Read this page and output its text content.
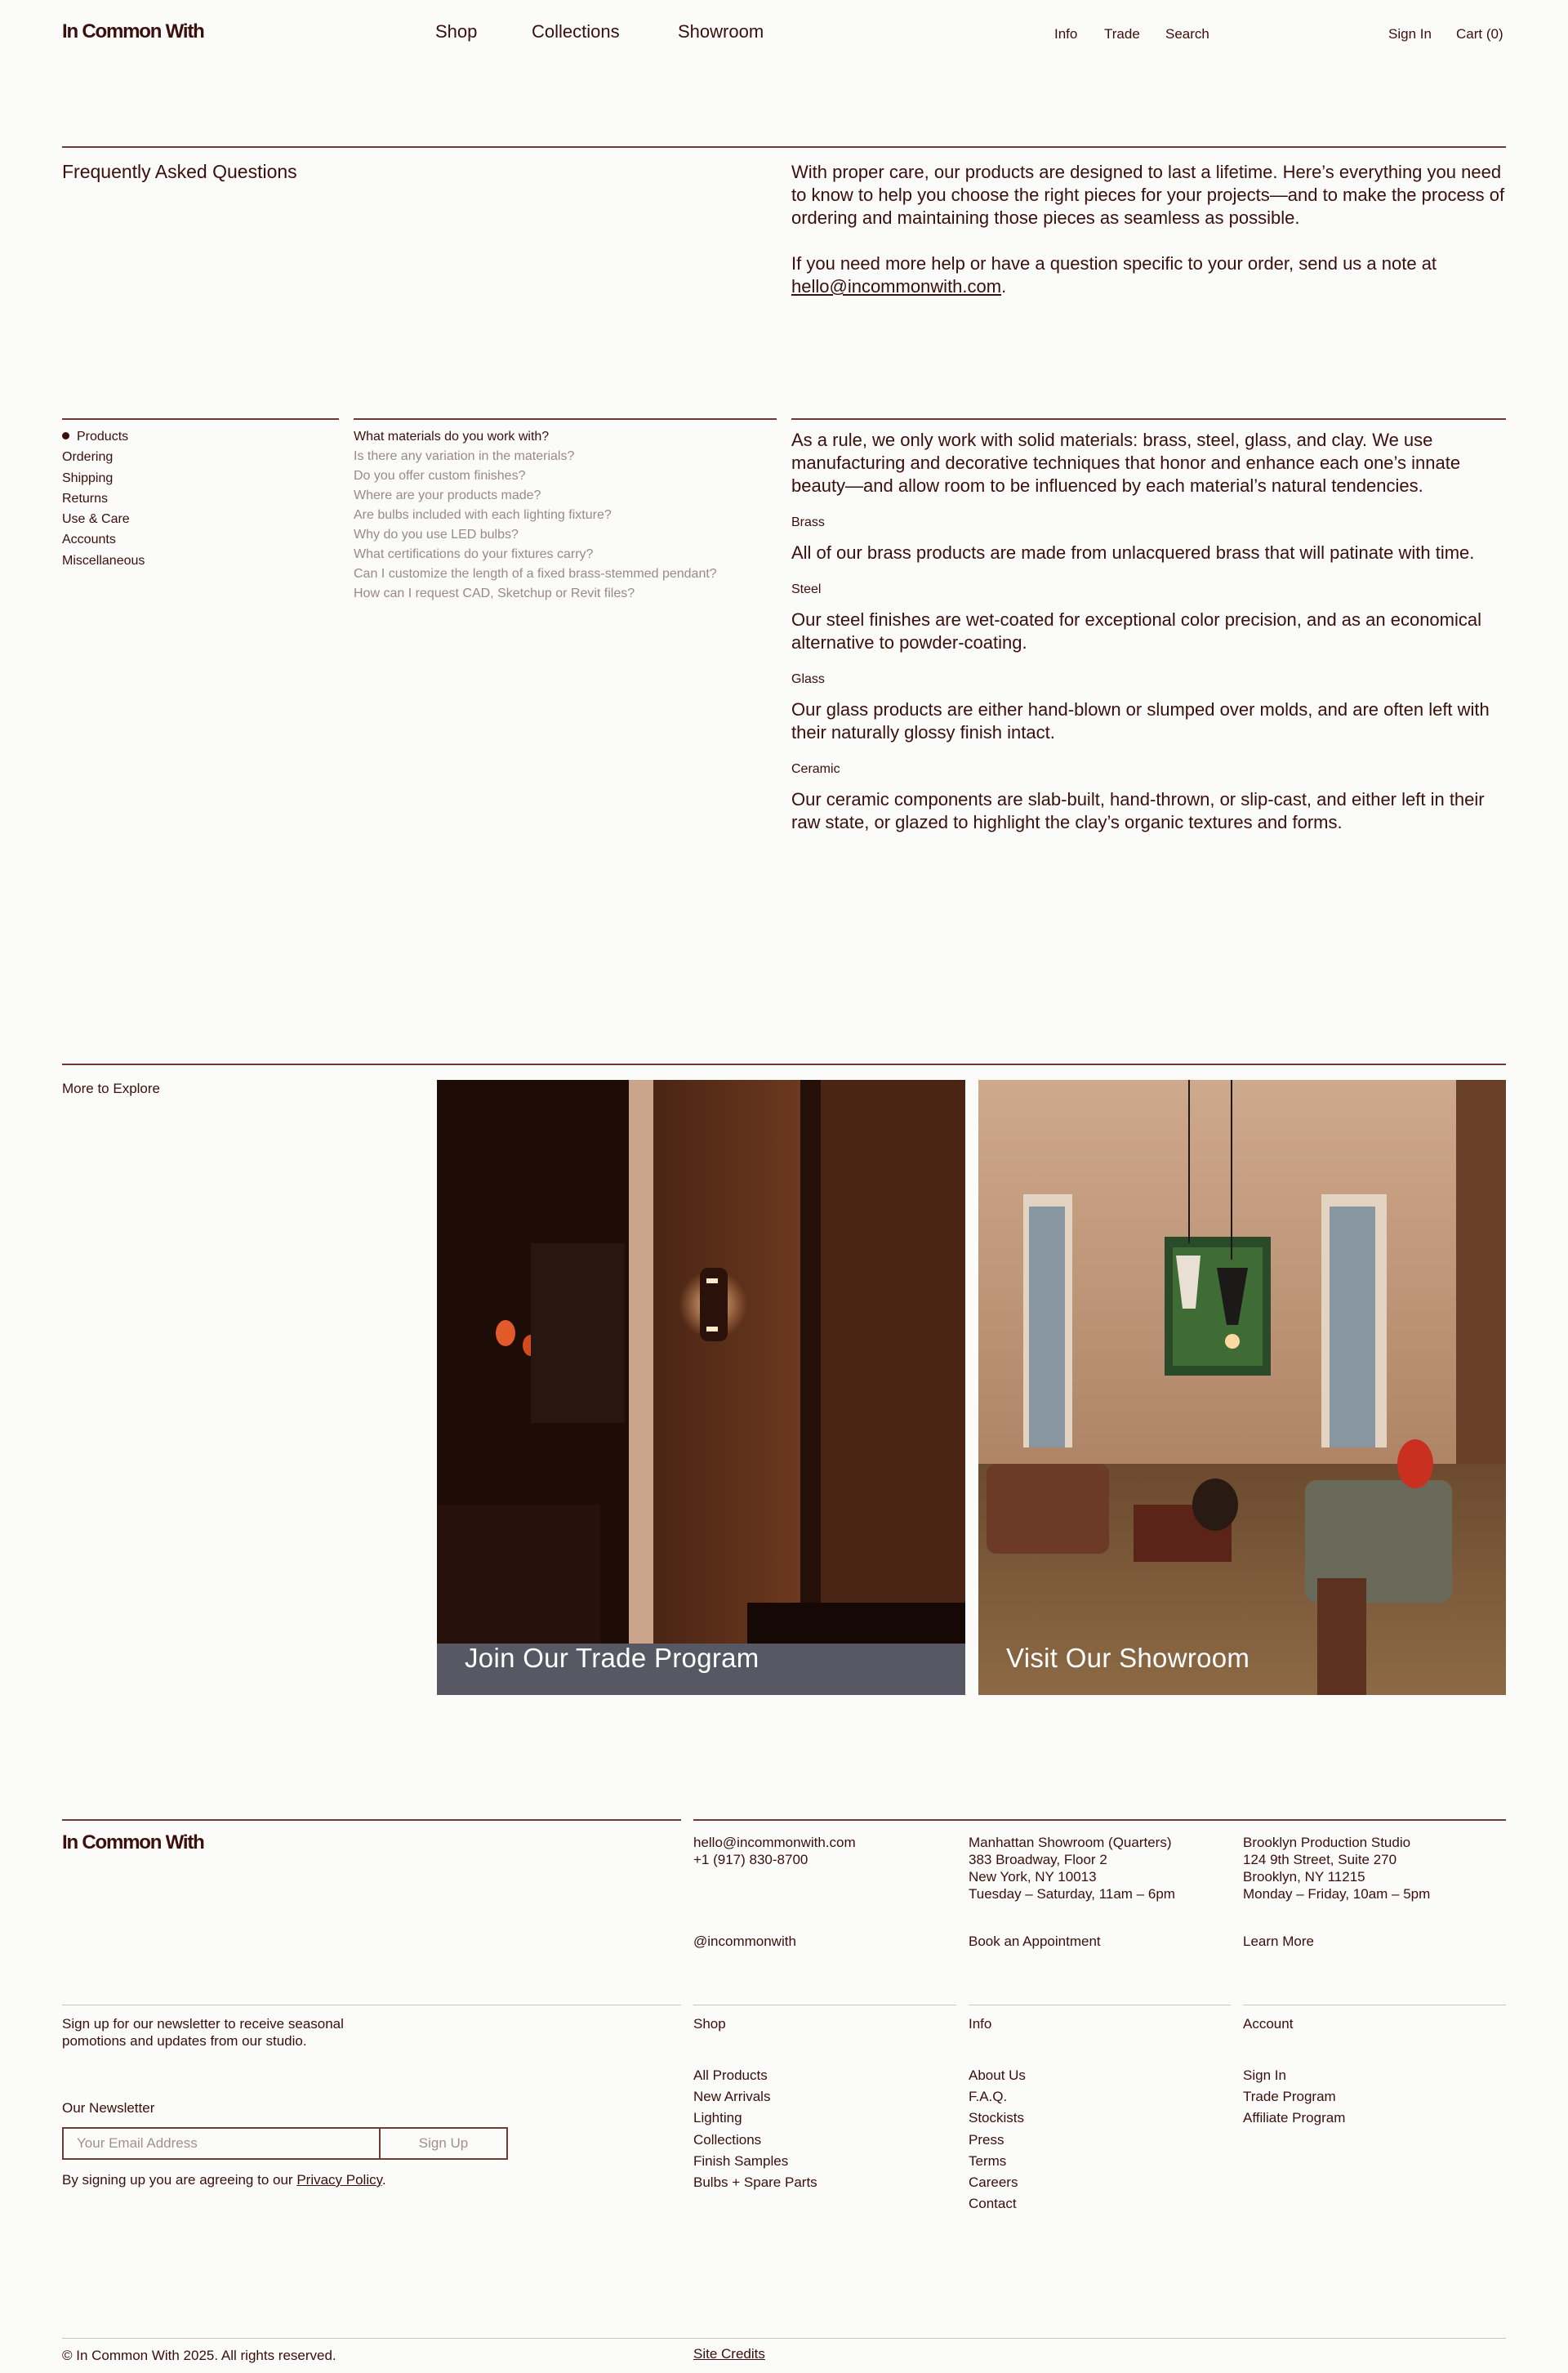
In Common With	Shop	Collections	Showroom	Info Trade Search	Sign In Cart (0)
Frequently Asked Questions	With proper care, our products are designed to last a lifetime. Here’s everything you need to know to help you choose the right pieces for your projects—and to make the process of ordering and maintaining those pieces as seamless as possible.

If you need more help or have a question specific to your order, send us a note at hello@incommonwith.com.

Products
Ordering
Shipping
Returns
Use & Care
Accounts
Miscellaneous
What materials do you work with?
Is there any variation in the materials?
Do you offer custom finishes?
Where are your products made?
Are bulbs included with each lighting fixture?
Why do you use LED bulbs?
What certifications do your fixtures carry?
Can I customize the length of a fixed brass-stemmed pendant?
How can I request CAD, Sketchup or Revit files?

As a rule, we only work with solid materials: brass, steel, glass, and clay. We use manufacturing and decorative techniques that honor and enhance each one’s innate beauty—and allow room to be influenced by each material’s natural tendencies.

Brass

All of our brass products are made from unlacquered brass that will patinate with time.

Steel

Our steel finishes are wet-coated for exceptional color precision, and as an economical alternative to powder-coating.

Glass

Our glass products are either hand-blown or slumped over molds, and are often left with their naturally glossy finish intact.

Ceramic

Our ceramic components are slab-built, hand-thrown, or slip-cast, and either left in their raw state, or glazed to highlight the clay’s organic textures and forms.

More to Explore
Join Our Trade Program	Visit Our Showroom
In Common With	hello@incommonwith.com
+1 (917) 830-8700
@incommonwith
Manhattan Showroom (Quarters)
383 Broadway, Floor 2
New York, NY 10013
Tuesday – Saturday, 11am – 6pm
Book an Appointment
Brooklyn Production Studio
124 9th Street, Suite 270
Brooklyn, NY 11215
Monday – Friday, 10am – 5pm
Learn More
Sign up for our newsletter to receive seasonal pomotions and updates from our studio.
Our Newsletter
Your Email Address	Sign Up
By signing up you are agreeing to our Privacy Policy.
Shop
All Products
New Arrivals
Lighting
Collections
Finish Samples
Bulbs + Spare Parts
Info
About Us
F.A.Q.
Stockists
Press
Terms
Careers
Contact
Account
Sign In
Trade Program
Affiliate Program
© In Common With 2025. All rights reserved.	Site Credits
